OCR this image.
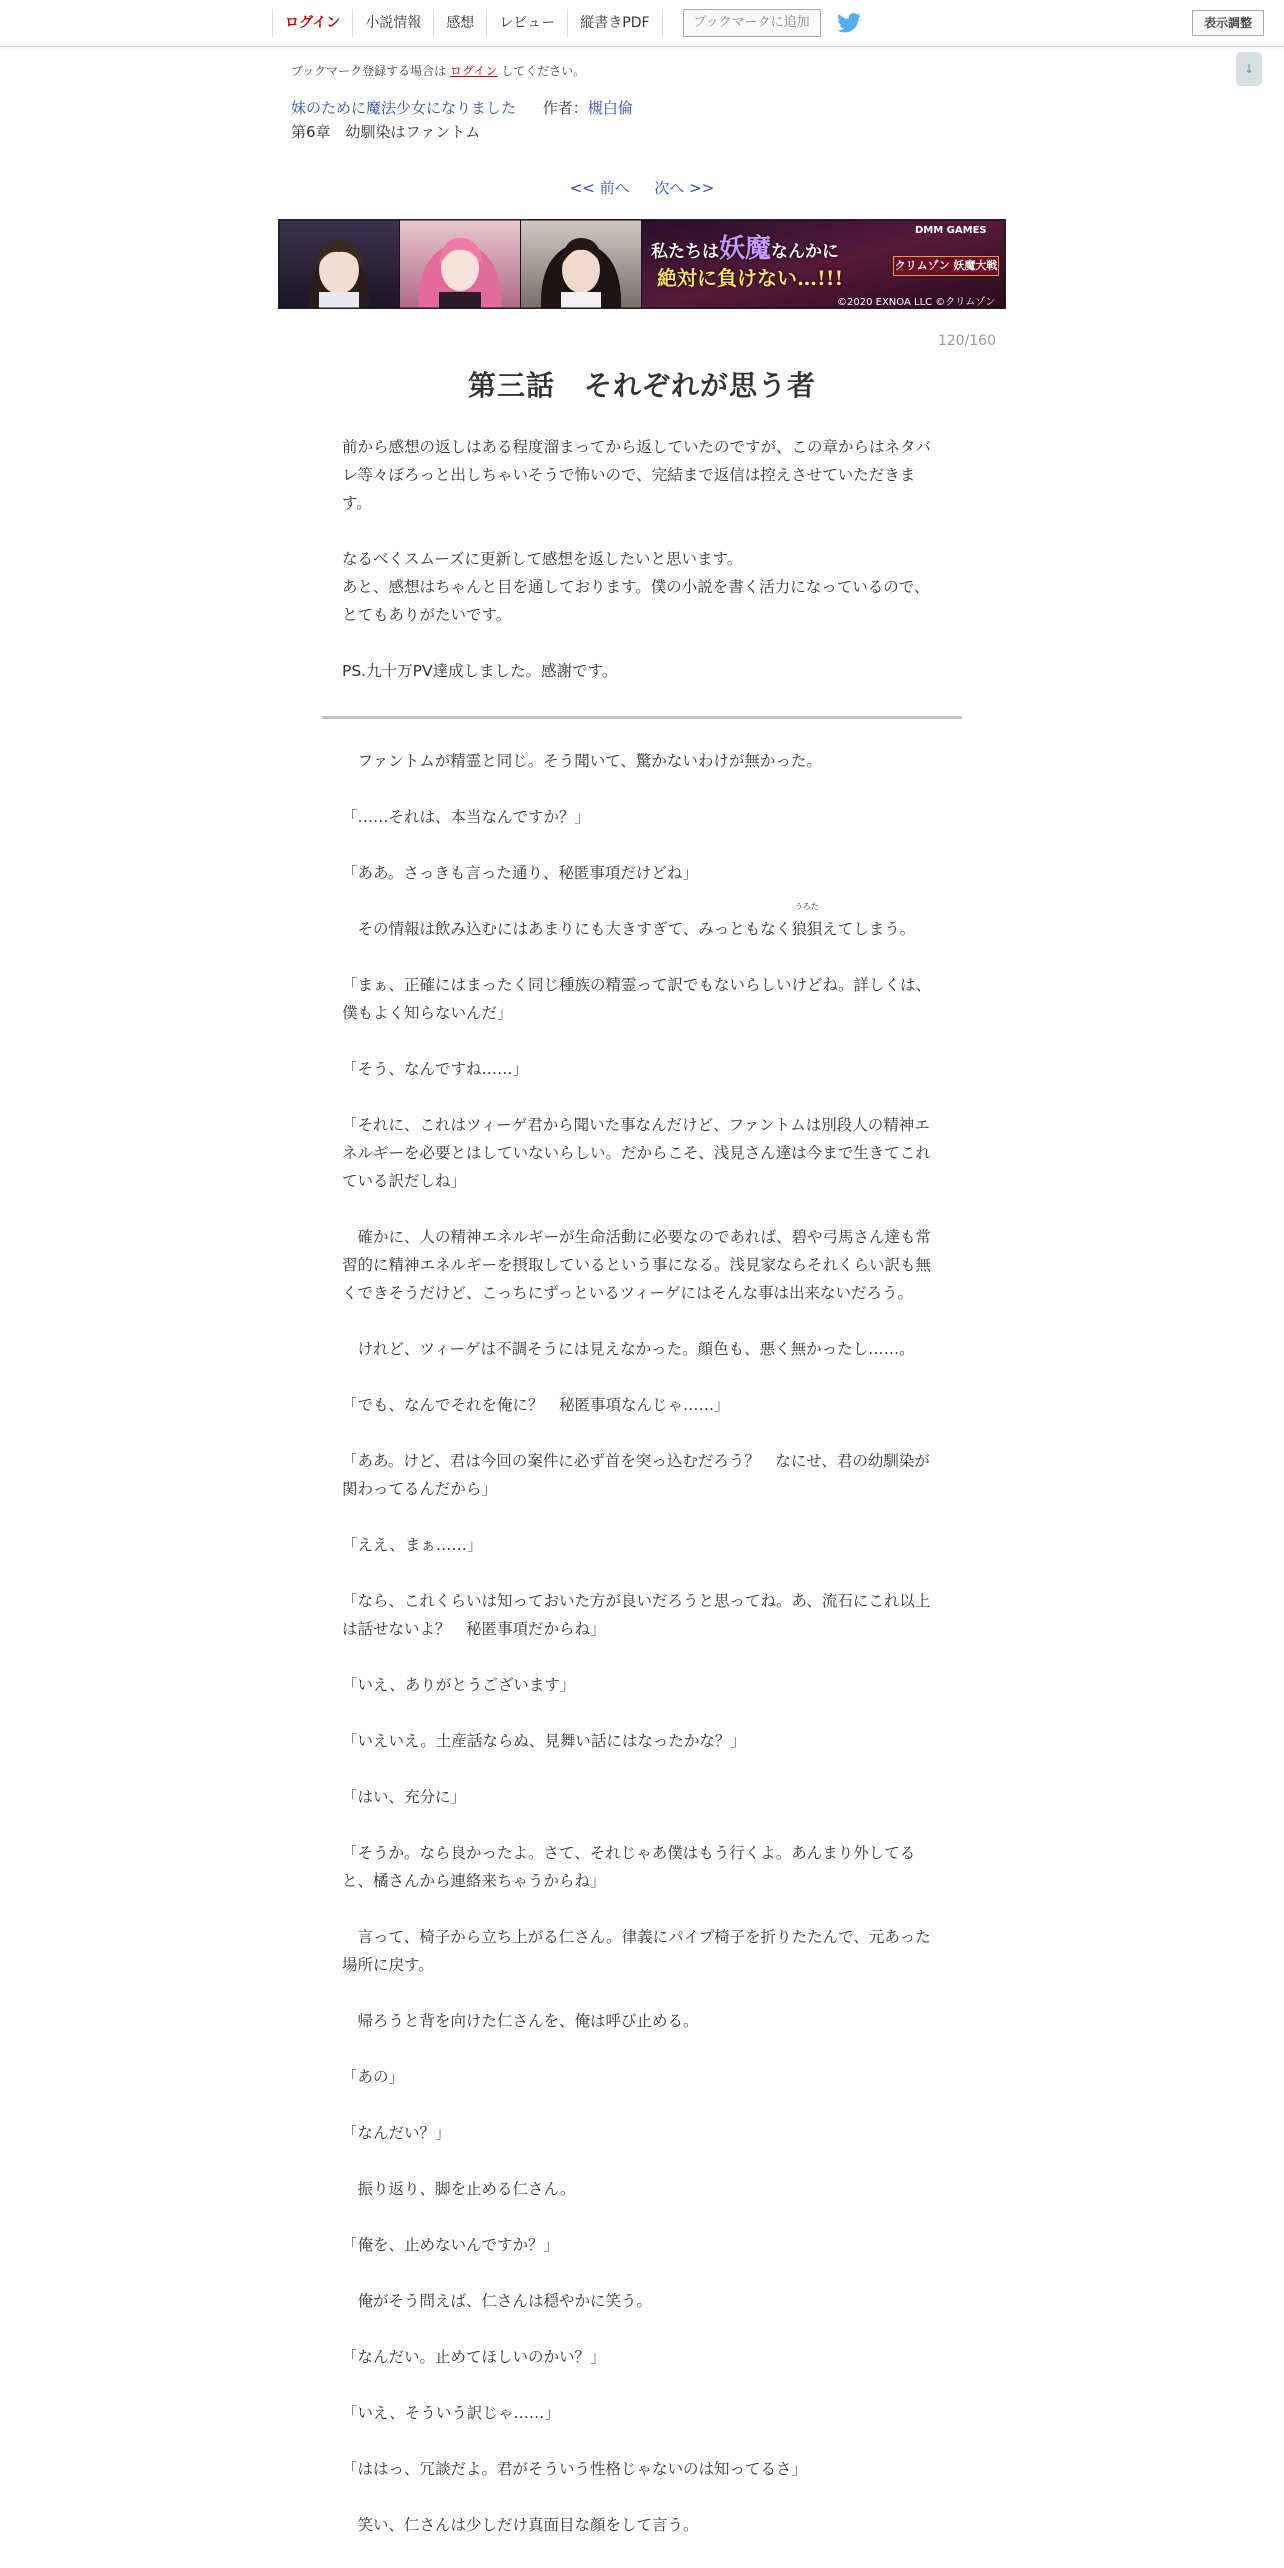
ログイン	小説情報	感想	レビュー	縦書きPDF	ブックマークに追加	表示調整
↓
ブックマーク登録する場合は ログイン してください。
妹のために魔法少女になりました 作者：槻白倫
第6章　幼馴染はファントム
<< 前へ 次へ >>
DMM GAMES
私たちは妖魔なんかに
絶対に負けない…!!!
クリムゾン 妖魔大戦
©2020 EXNOA LLC ©クリムゾン
120/160
第三話　それぞれが思う者

前から感想の返しはある程度溜まってから返していたのですが、この章からはネタバレ等々ぼろっと出しちゃいそうで怖いので、完結まで返信は控えさせていただきます。

なるべくスムーズに更新して感想を返したいと思います。

あと、感想はちゃんと目を通しております。僕の小説を書く活力になっているので、とてもありがたいです。

PS.九十万PV達成しました。感謝です。

　ファントムが精霊と同じ。そう聞いて、驚かないわけが無かった。

「……それは、本当なんですか？」

「ああ。さっきも言った通り、秘匿事項だけどね」

　その情報は飲み込むにはあまりにも大きすぎて、みっともなく狼狽
うろた
えてしまう。

「まぁ、正確にはまったく同じ種族の精霊って訳でもないらしいけどね。詳しくは、僕もよく知らないんだ」

「そう、なんですね……」

「それに、これはツィーゲ君から聞いた事なんだけど、ファントムは別段人の精神エネルギーを必要とはしていないらしい。だからこそ、浅見さん達は今まで生きてこれている訳だしね」

　確かに、人の精神エネルギーが生命活動に必要なのであれば、碧や弓馬さん達も常習的に精神エネルギーを摂取しているという事になる。浅見家ならそれくらい訳も無くできそうだけど、こっちにずっといるツィーゲにはそんな事は出来ないだろう。

　けれど、ツィーゲは不調そうには見えなかった。顔色も、悪く無かったし……。

「でも、なんでそれを俺に？　秘匿事項なんじゃ……」

「ああ。けど、君は今回の案件に必ず首を突っ込むだろう？　なにせ、君の幼馴染が関わってるんだから」

「ええ、まぁ……」

「なら、これくらいは知っておいた方が良いだろうと思ってね。あ、流石にこれ以上は話せないよ？　秘匿事項だからね」

「いえ、ありがとうございます」

「いえいえ。土産話ならぬ、見舞い話にはなったかな？」

「はい、充分に」

「そうか。なら良かったよ。さて、それじゃあ僕はもう行くよ。あんまり外してると、橘さんから連絡来ちゃうからね」

　言って、椅子から立ち上がる仁さん。律義にパイプ椅子を折りたたんで、元あった場所に戻す。

　帰ろうと背を向けた仁さんを、俺は呼び止める。

「あの」

「なんだい？」

　振り返り、脚を止める仁さん。

「俺を、止めないんですか？」

　俺がそう問えば、仁さんは穏やかに笑う。

「なんだい。止めてほしいのかい？」

「いえ、そういう訳じゃ……」

「ははっ、冗談だよ。君がそういう性格じゃないのは知ってるさ」

　笑い、仁さんは少しだけ真面目な顔をして言う。
